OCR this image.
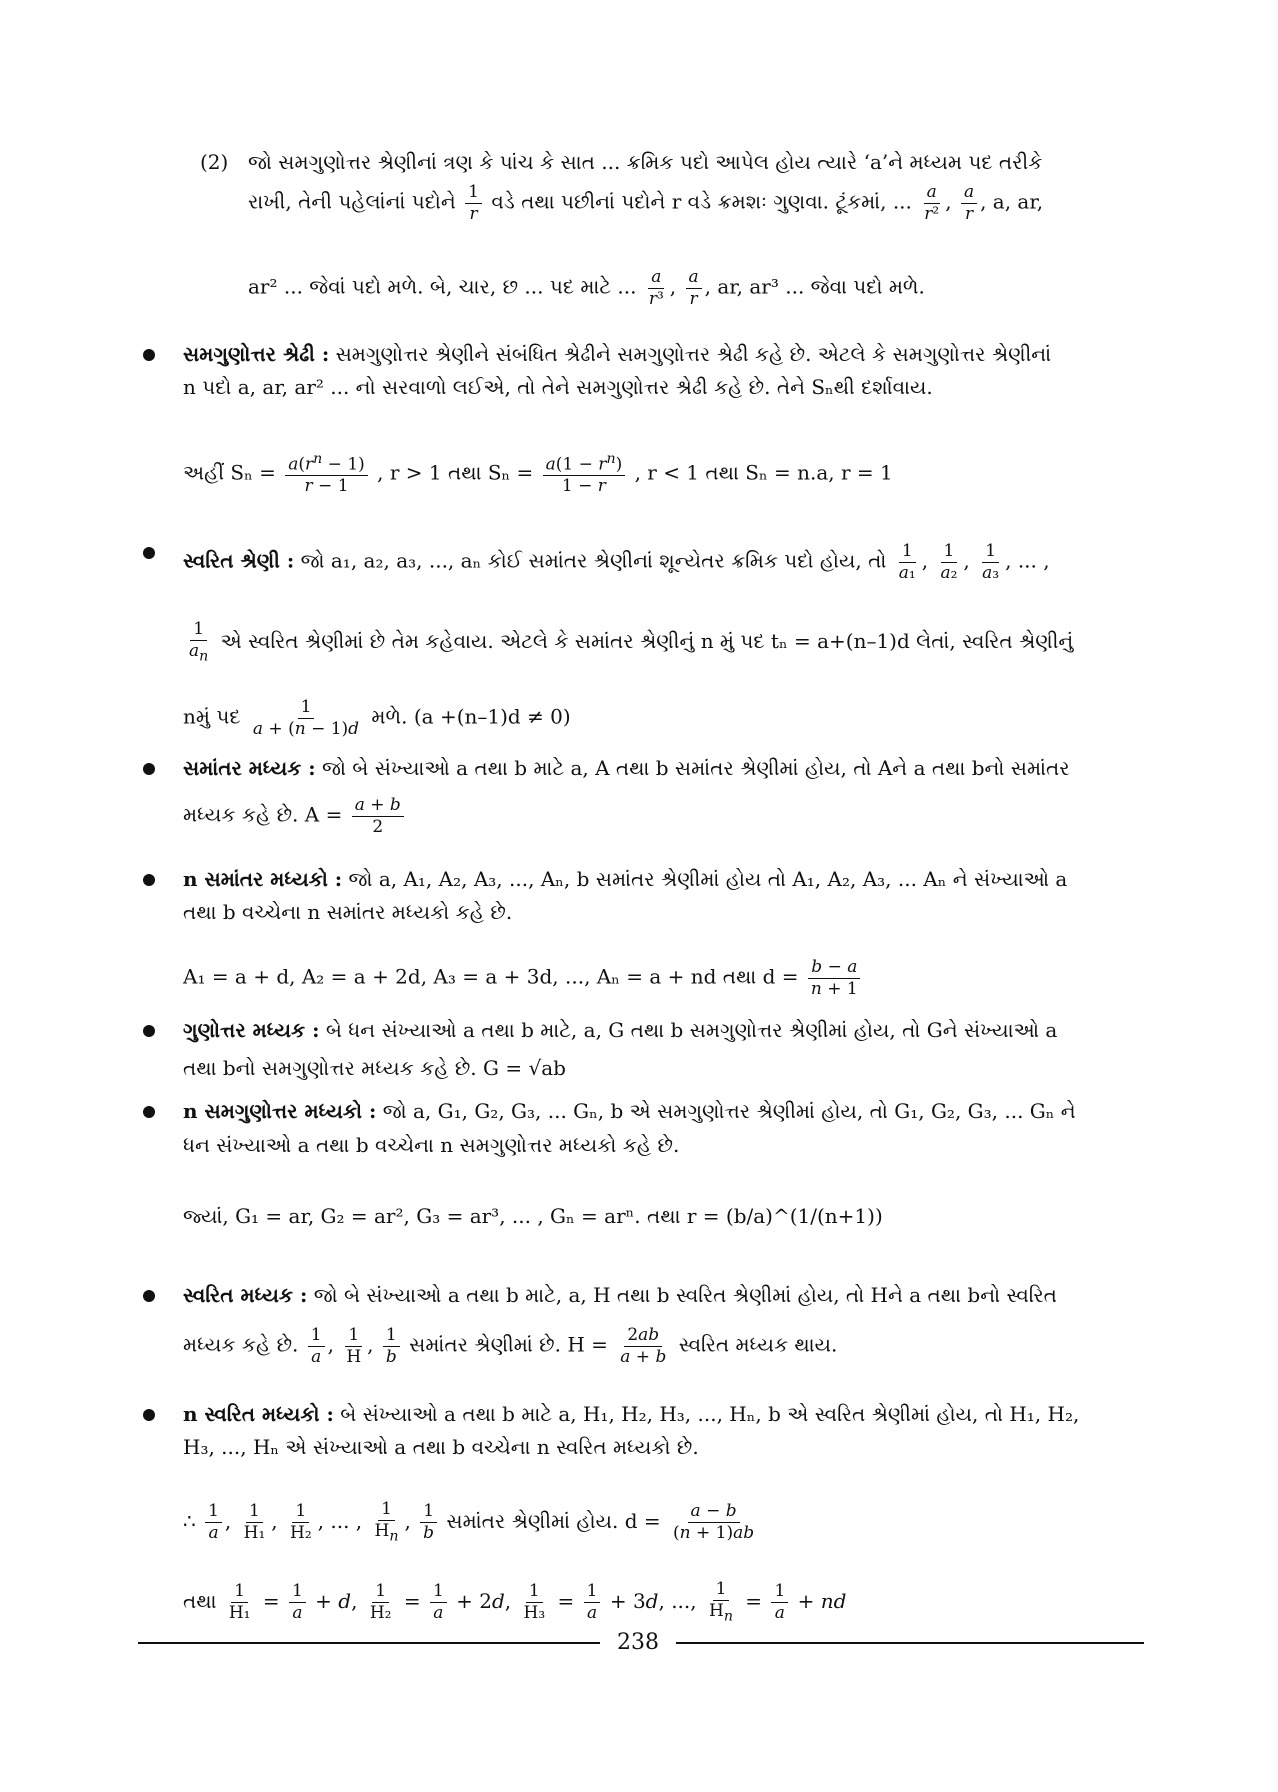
(2) જો સમગુણોત્તર શ્રેણીનાં ત્રણ કે પાંચ કે સાત ... ક્રમિક પદો આપેલ હોય ત્યારે ‘a’ને મધ્યમ પદ તરીકે
રાખી, તેની પહેલાંનાં પદોને $\frac{1}{r}$ વડે તથા પછીનાં પદોને r વડે ક્રમશઃ ગુણવા. ટૂંકમાં, ... $\frac{a}{\text{r²}}$ , $\frac{a}{r}$ , a, ar,
ar² ... જેવાં પદો મળે. બે, ચાર, છ ... પદ માટે ... $\frac{a}{\text{r³}}$ , $\frac{a}{r}$ , ar, ar³ ... જેવા પદો મળે.
સમગુણોત્તર શ્રેઢી : સમગુણોત્તર શ્રેણીને સંબંધિત શ્રેઢીને સમગુણોત્તર શ્રેઢી કહે છે. એટલે કે સમગુણોત્તર શ્રેણીનાં
n પદો a, ar, ar² ... નો સરવાળો લઈએ, તો તેને સમગુણોત્તર શ્રેઢી કહે છે. તેને Sₙથી દર્શાવાય.
અહીં $S_n = \frac{a(r^n - 1)}{r - 1}$ , r > 1 તથા $S_n = \frac{a(1 - r^n)}{1 - r}$ , r < 1 તથા Sₙ = n.a, r = 1
સ્વરિત શ્રેણી : જો a₁, a₂, a₃, ..., aₙ કોઈ સમાંતર શ્રેણીનાં શૂન્યેતર ક્રમિક પદો હોય, તો $\frac{1}{\text{a₁}}$ , $\frac{1}{\text{a₂}}$ , $\frac{1}{\text{a₃}}$ , ... ,
$\frac{1}{a_n}$ એ સ્વરિત શ્રેણીમાં છે તેમ કહેવાય. એટલે કે સમાંતર શ્રેણીનું n મું પદ tₙ = a+(n–1)d લેતાં, સ્વરિત શ્રેણીનું
nમું પદ $\frac{1}{a + (n - 1)d}$ મળે. (a +(n–1)d ≠ 0)
સમાંતર મધ્યક : જો બે સંખ્યાઓ a તથા b માટે a, A તથા b સમાંતર શ્રેણીમાં હોય, તો Aને a તથા bનો સમાંતર
મધ્યક કહે છે. $A = \frac{a + b}{2}$
n સમાંતર મધ્યકો : જો a, A₁, A₂, A₃, ..., Aₙ, b સમાંતર શ્રેણીમાં હોય તો A₁, A₂, A₃, ... Aₙ ને સંખ્યાઓ a
તથા b વચ્ચેના n સમાંતર મધ્યકો કહે છે.
A₁ = a + d, A₂ = a + 2d, A₃ = a + 3d, ..., Aₙ = a + nd તથા $d = \frac{b - a}{n + 1}$
ગુણોત્તર મધ્યક : બે ધન સંખ્યાઓ a તથા b માટે, a, G તથા b સમગુણોત્તર શ્રેણીમાં હોય, તો Gને સંખ્યાઓ a
તથા bનો સમગુણોત્તર મધ્યક કહે છે. G = √ab
n સમગુણોત્તર મધ્યકો : જો a, G₁, G₂, G₃, ... Gₙ, b એ સમગુણોત્તર શ્રેણીમાં હોય, તો G₁, G₂, G₃, ... Gₙ ને
ધન સંખ્યાઓ a તથા b વચ્ચેના n સમગુણોત્તર મધ્યકો કહે છે.
જ્યાં, G₁ = ar, G₂ = ar², G₃ = ar³, ... , Gₙ = arⁿ. તથા r = (b/a)^(1/(n+1))
સ્વરિત મધ્યક : જો બે સંખ્યાઓ a તથા b માટે, a, H તથા b સ્વરિત શ્રેણીમાં હોય, તો Hને a તથા bનો સ્વરિત
મધ્યક કહે છે. $\frac{1}{a}$ , $\frac{1}{H}$ , $\frac{1}{b}$ સમાંતર શ્રેણીમાં છે. $H = \frac{2ab}{a + b}$ સ્વરિત મધ્યક થાય.
n સ્વરિત મધ્યકો : બે સંખ્યાઓ a તથા b માટે a, H₁, H₂, H₃, ..., Hₙ, b એ સ્વરિત શ્રેણીમાં હોય, તો H₁, H₂,
H₃, ..., Hₙ એ સંખ્યાઓ a તથા b વચ્ચેના n સ્વરિત મધ્યકો છે.
∴ $\frac{1}{a}$ , $\frac{1}{\text{H₁}}$ , $\frac{1}{\text{H₂}}$ , ... , $\frac{1}{H_n}$ , $\frac{1}{b}$ સમાંતર શ્રેણીમાં હોય. $d = \frac{a - b}{(n + 1)ab}$
તથા $\frac{1}{\text{H₁}} = \frac{1}{a} + d$, $\frac{1}{\text{H₂}} = \frac{1}{a} + 2d$, $\frac{1}{\text{H₃}} = \frac{1}{a} + 3d$, ..., $\frac{1}{H_n} = \frac{1}{a}$ + nd
238
